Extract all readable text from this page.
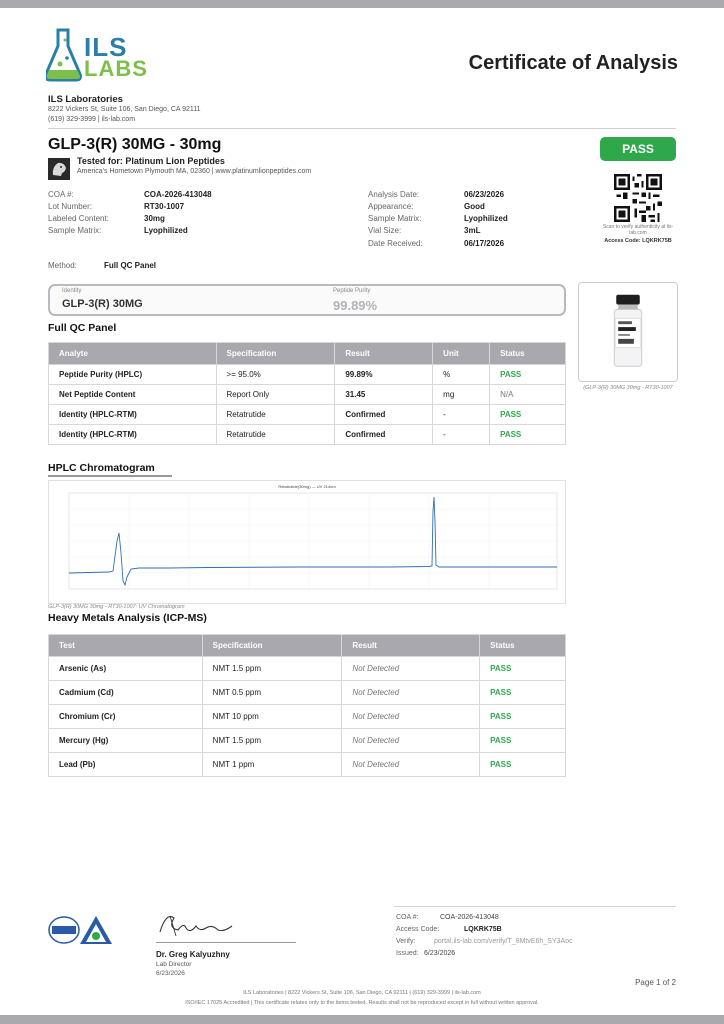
ILS
LABS	Certificate of Analysis
ILS Laboratories
8222 Vickers St, Suite 106, San Diego, CA 92111
(619) 329-3999 | ils-lab.com
GLP-3(R) 30MG - 30mg
Tested for: Platinum Lion Peptides
America's Hometown Plymouth MA, 02360 | www.platinumlionpeptides.com
PASS
COA #:	COA-2026-413048
Lot Number:	RT30-1007
Labeled Content:	30mg
Sample Matrix:	Lyophilized
Analysis Date:	06/23/2026
Appearance:	Good
Sample Matrix:	Lyophilized
Vial Size:	3mL
Date Received:	06/17/2026
Scan to verify authenticity at ils-lab.com
Access Code: LQKRK75B
Method:	Full QC Panel
Identity
GLP-3(R) 30MG
Peptide Purity
99.89%
(GLP-3(R) 30MG 30mg - RT30-1007
Full QC Panel
Analyte	Specification	Result	Unit	Status
Peptide Purity (HPLC)	>= 95.0%	99.89%	%	PASS
Net Peptide Content	Report Only	31.45	mg	N/A
Identity (HPLC-RTM)	Retatrutide	Confirmed	-	PASS
Identity (HPLC-RTM)	Retatrutide	Confirmed	-	PASS
HPLC Chromatogram
Retatrutide(30mg) — UV 214nm
GLP-3(R) 30MG 30mg - RT30-1007: UV Chromatogram
Heavy Metals Analysis (ICP-MS)
Test	Specification	Result	Status
Arsenic (As)	NMT 1.5 ppm	Not Detected	PASS
Cadmium (Cd)	NMT 0.5 ppm	Not Detected	PASS
Chromium (Cr)	NMT 10 ppm	Not Detected	PASS
Mercury (Hg)	NMT 1.5 ppm	Not Detected	PASS
Lead (Pb)	NMT 1 ppm	Not Detected	PASS
Dr. Greg Kalyuzhny
Lab Director
6/23/2026
COA #:	COA-2026-413048
Access Code:	LQKRK75B
Verify:	portal.ils-lab.com/verify/T_8MtvE6h_SY3Aoc
Issued: 6/23/2026
Page 1 of 2
ILS Laboratories | 8222 Vickers St, Suite 106, San Diego, CA 92111 | (619) 329-3999 | ils-lab.com
ISO/IEC 17025 Accredited | This certificate relates only to the items tested. Results shall not be reproduced except in full without written approval.
